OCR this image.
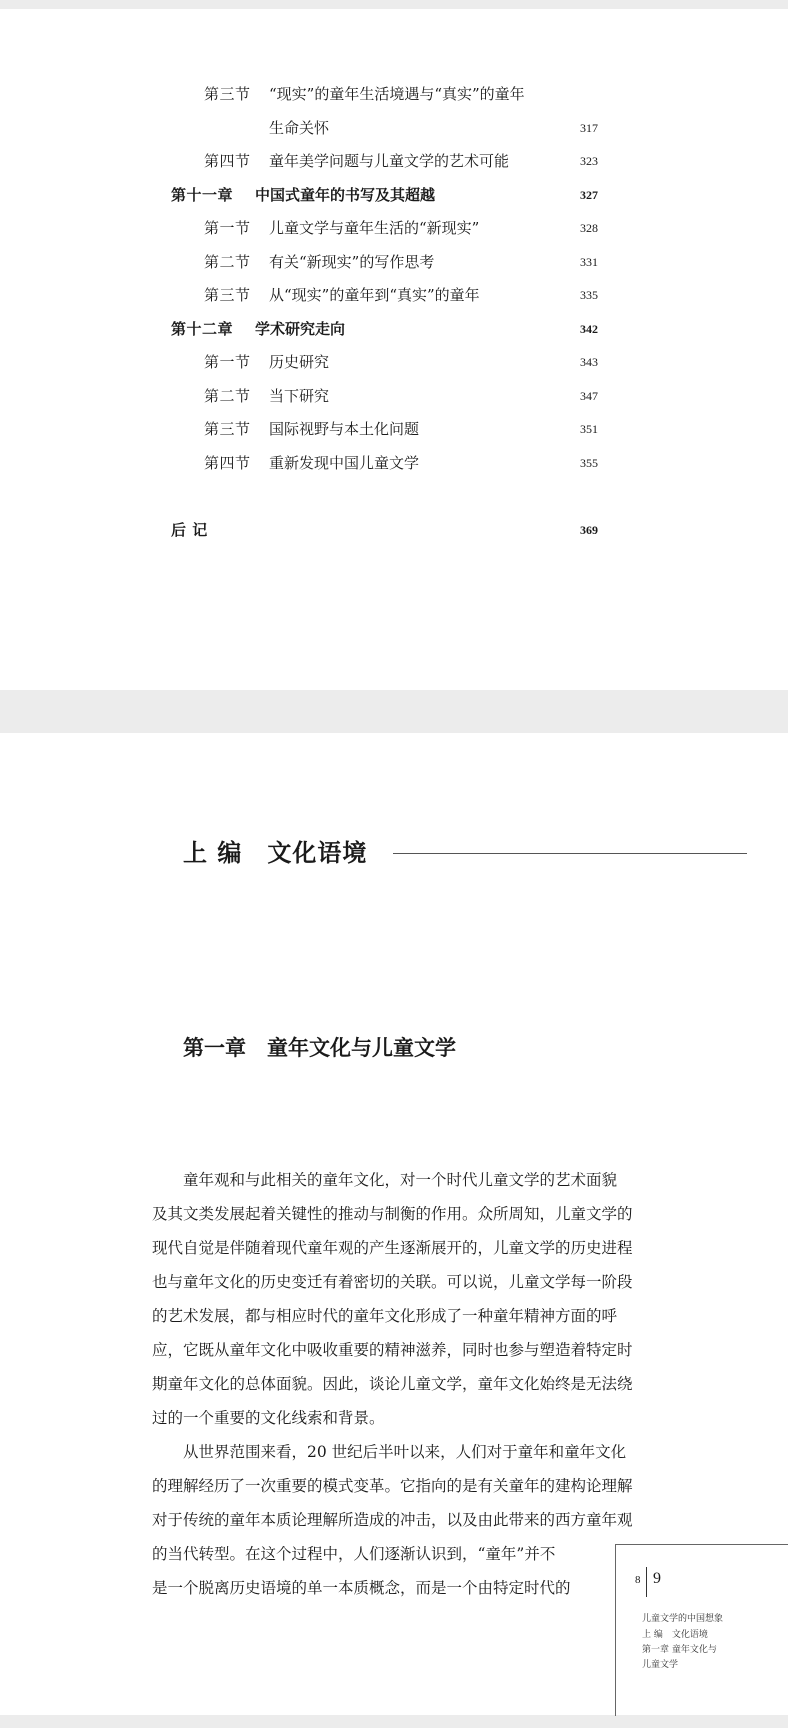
第三节 “现实”的童年生活境遇与“真实”的童年
生命关怀	317
第四节 童年美学问题与儿童文学的艺术可能	323
第十一章 中国式童年的书写及其超越	327
第一节 儿童文学与童年生活的“新现实”	328
第二节 有关“新现实”的写作思考	331
第三节 从“现实”的童年到“真实”的童年	335
第十二章 学术研究走向	342
第一节 历史研究	343
第二节 当下研究	347
第三节 国际视野与本土化问题	351
第四节 重新发现中国儿童文学	355
后 记	369
上 编　文化语境
第一章　童年文化与儿童文学

　　童年观和与此相关的童年文化，对一个时代儿童文学的艺术面貌
及其文类发展起着关键性的推动与制衡的作用。众所周知，儿童文学的
现代自觉是伴随着现代童年观的产生逐渐展开的，儿童文学的历史进程
也与童年文化的历史变迁有着密切的关联。可以说，儿童文学每一阶段
的艺术发展，都与相应时代的童年文化形成了一种童年精神方面的呼
应，它既从童年文化中吸收重要的精神滋养，同时也参与塑造着特定时
期童年文化的总体面貌。因此，谈论儿童文学，童年文化始终是无法绕
过的一个重要的文化线索和背景。

　　从世界范围来看，20 世纪后半叶以来，人们对于童年和童年文化
的理解经历了一次重要的模式变革。它指向的是有关童年的建构论理解
对于传统的童年本质论理解所造成的冲击，以及由此带来的西方童年观
的当代转型。在这个过程中，人们逐渐认识到，“童年”并不
是一个脱离历史语境的单一本质概念，而是一个由特定时代的	8 9
儿童文学的中国想象
上 编　文化语境
第一章 童年文化与
儿童文学
